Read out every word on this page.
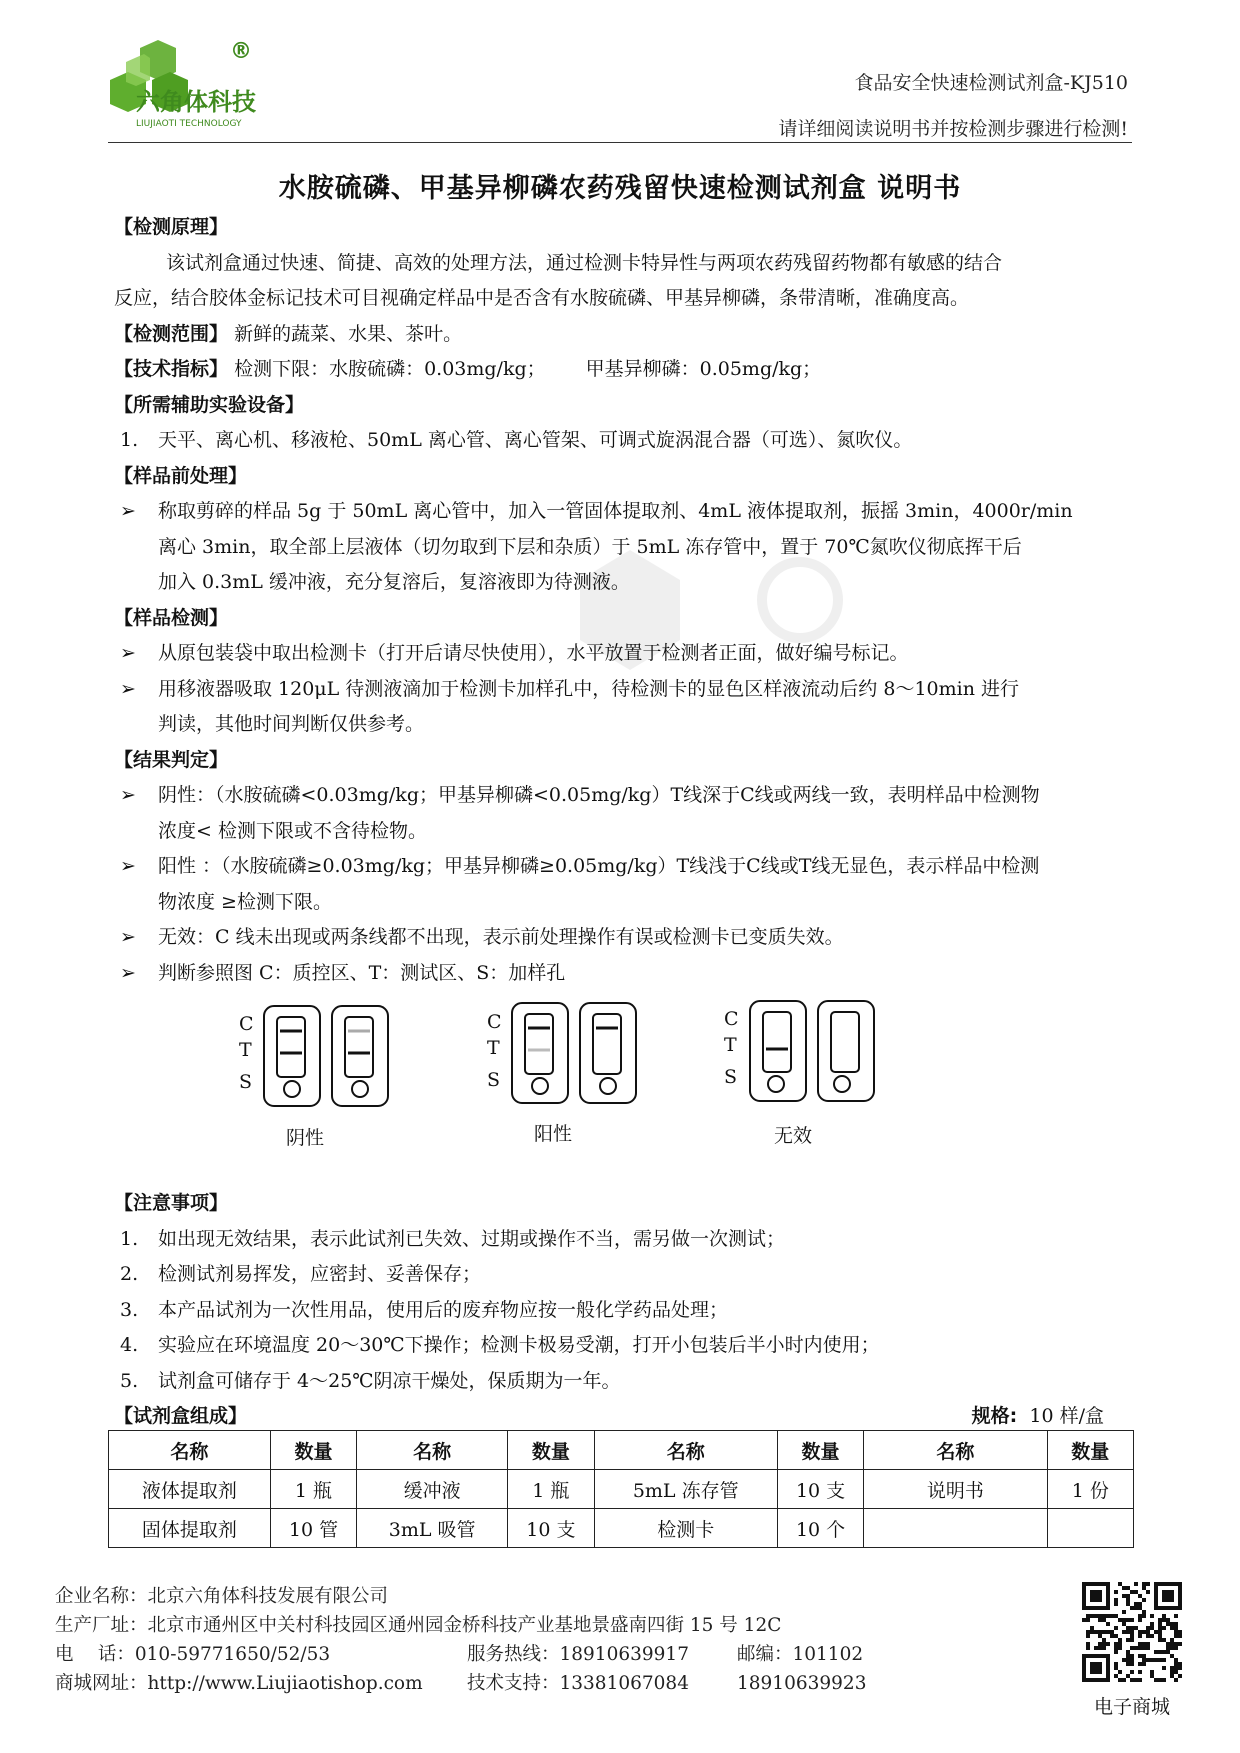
六角体科技
LIUJIAOTI TECHNOLOGY
®
食品安全快速检测试剂盒-KJ510
请详细阅读说明书并按检测步骤进行检测!
水胺硫磷、甲基异柳磷农药残留快速检测试剂盒 说明书
【检测原理】
该试剂盒通过快速、简捷、高效的处理方法，通过检测卡特异性与两项农药残留药物都有敏感的结合
反应，结合胶体金标记技术可目视确定样品中是否含有水胺硫磷、甲基异柳磷，条带清晰，准确度高。
【检测范围】 新鲜的蔬菜、水果、茶叶。
【技术指标】 检测下限：水胺硫磷：0.03mg/kg； 甲基异柳磷：0.05mg/kg；
【所需辅助实验设备】
1.	天平、离心机、移液枪、50mL 离心管、离心管架、可调式旋涡混合器（可选）、氮吹仪。
【样品前处理】
➢	称取剪碎的样品 5g 于 50mL 离心管中，加入一管固体提取剂、4mL 液体提取剂，振摇 3min，4000r/min
离心 3min，取全部上层液体（切勿取到下层和杂质）于 5mL 冻存管中，置于 70℃氮吹仪彻底挥干后
加入 0.3mL 缓冲液，充分复溶后，复溶液即为待测液。
【样品检测】
➢	从原包装袋中取出检测卡（打开后请尽快使用），水平放置于检测者正面，做好编号标记。
➢	用移液器吸取 120μL 待测液滴加于检测卡加样孔中，待检测卡的显色区样液流动后约 8～10min 进行
判读，其他时间判断仅供参考。
【结果判定】
➢	阴性：（水胺硫磷<0.03mg/kg；甲基异柳磷<0.05mg/kg）T线深于C线或两线一致，表明样品中检测物
浓度< 检测下限或不含待检物。
➢	阳性 ：（水胺硫磷≥0.03mg/kg；甲基异柳磷≥0.05mg/kg）T线浅于C线或T线无显色，表示样品中检测
物浓度 ≥检测下限。
➢	无效：C 线未出现或两条线都不出现，表示前处理操作有误或检测卡已变质失效。
➢	判断参照图 C：质控区、T：测试区、S：加样孔
C
T
S
阴性
C
T
S
阳性
C
T
S
无效
【注意事项】
1.	如出现无效结果，表示此试剂已失效、过期或操作不当，需另做一次测试；
2.	检测试剂易挥发，应密封、妥善保存；
3.	本产品试剂为一次性用品，使用后的废弃物应按一般化学药品处理；
4.	实验应在环境温度 20～30℃下操作；检测卡极易受潮，打开小包装后半小时内使用；
5.	试剂盒可储存于 4～25℃阴凉干燥处，保质期为一年。
【试剂盒组成】	规格: 10 样/盒
名称	数量	名称	数量	名称	数量	名称	数量
液体提取剂	1 瓶	缓冲液	1 瓶	5mL 冻存管	10 支	说明书	1 份
固体提取剂	10 管	3mL 吸管	10 支	检测卡	10 个		
企业名称：北京六角体科技发展有限公司
生产厂址：北京市通州区中关村科技园区通州园金桥科技产业基地景盛南四街 15 号 12C
电　 话：010-59771650/52/53	服务热线：18910639917	邮编：101102
商城网址：http://www.Liujiaotishop.com	技术支持：13381067084	18910639923
电子商城
